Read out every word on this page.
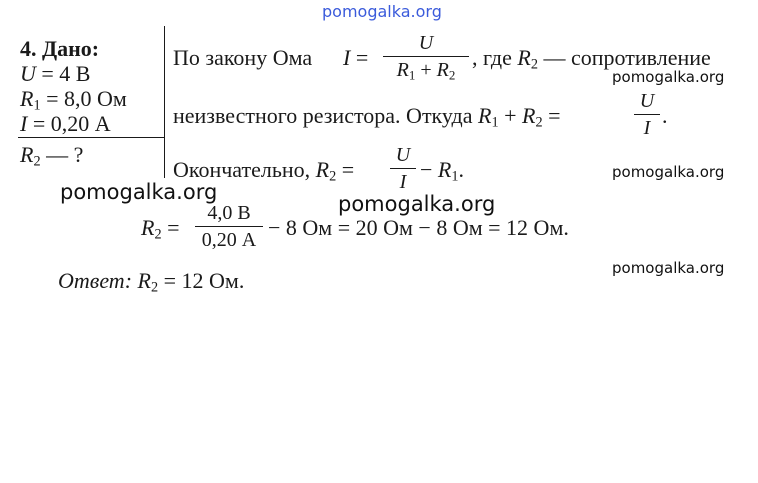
pomogalka.org
4. Дано:
U = 4 В
$R_1 = 8,0$ Ом
I = 0,20 А
$R_2$ — ?
По закону Ома I =
U
$R_1 + R_2$
, где $R_2$ — сопротивление
pomogalka.org
неизвестного резистора. Откуда $R_1 + R_2$ =
U
I .
Окончательно, $R_2$ =
U
$I - R_1$.	pomogalka.org
pomogalka.org	pomogalka.org
$R_2$ =
4,0 В
0,20 А − 8 Ом = 20 Ом − 8 Ом = 12 Ом.
pomogalka.org
Ответ: $R_2 = 12$ Ом.
